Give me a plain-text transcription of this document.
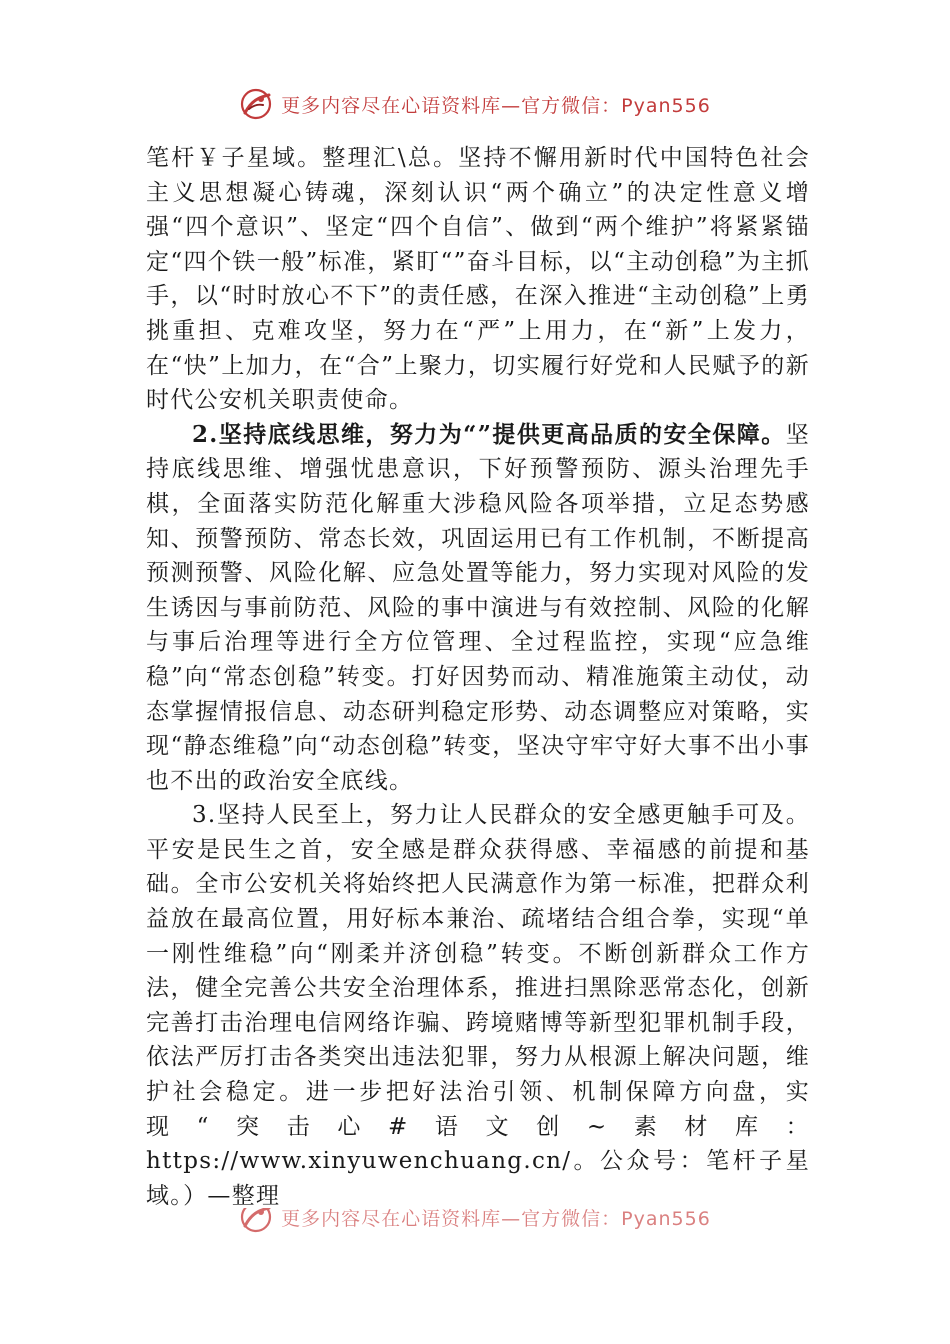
更多内容尽在心语资料库—官方微信：Pyan556

笔杆￥子星域。整理汇\总。坚持不懈用新时代中国特色社会主义思想凝心铸魂，深刻认识“两个确立”的决定性意义增强“四个意识”、坚定“四个自信”、做到“两个维护”将紧紧锚定“四个铁一般”标准，紧盯“”奋斗目标，以“主动创稳”为主抓手，以“时时放心不下”的责任感，在深入推进“主动创稳”上勇挑重担、克难攻坚，努力在“严”上用力，在“新”上发力，在“快”上加力，在“合”上聚力，切实履行好党和人民赋予的新时代公安机关职责使命。

2.坚持底线思维，努力为“”提供更高品质的安全保障。坚持底线思维、增强忧患意识，下好预警预防、源头治理先手棋，全面落实防范化解重大涉稳风险各项举措，立足态势感知、预警预防、常态长效，巩固运用已有工作机制，不断提高预测预警、风险化解、应急处置等能力，努力实现对风险的发生诱因与事前防范、风险的事中演进与有效控制、风险的化解与事后治理等进行全方位管理、全过程监控，实现“应急维稳”向“常态创稳”转变。打好因势而动、精准施策主动仗，动态掌握情报信息、动态研判稳定形势、动态调整应对策略，实现“静态维稳”向“动态创稳”转变，坚决守牢守好大事不出小事也不出的政治安全底线。

3.坚持人民至上，努力让人民群众的安全感更触手可及。平安是民生之首，安全感是群众获得感、幸福感的前提和基础。全市公安机关将始终把人民满意作为第一标准，把群众利益放在最高位置，用好标本兼治、疏堵结合组合拳，实现“单一刚性维稳”向“刚柔并济创稳”转变。不断创新群众工作方法，健全完善公共安全治理体系，推进扫黑除恶常态化，创新完善打击治理电信网络诈骗、跨境赌博等新型犯罪机制手段，依法严厉打击各类突出违法犯罪，努力从根源上解决问题，维护社会稳定。进一步把好法治引领、机制保障方向盘，实现“突击心#语文创~素材库：https://www.xinyuwenchuang.cn/。公众号：笔杆子星域。）—整理

更多内容尽在心语资料库—官方微信：Pyan556
